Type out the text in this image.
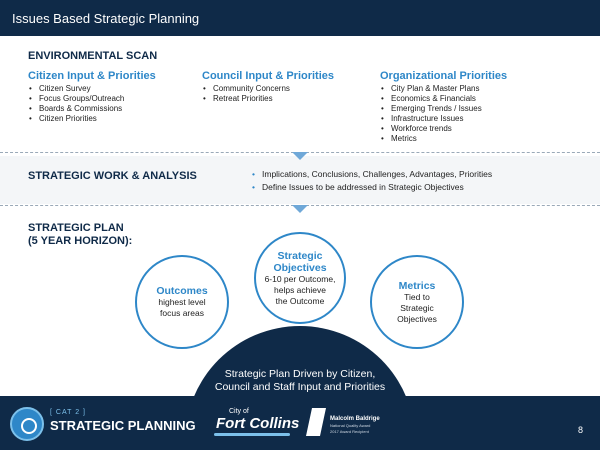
Issues Based Strategic Planning
ENVIRONMENTAL SCAN
Citizen Input & Priorities
• Citizen Survey
• Focus Groups/Outreach
• Boards & Commissions
• Citizen Priorities
Council Input & Priorities
• Community Concerns
• Retreat Priorities
Organizational Priorities
• City Plan & Master Plans
• Economics & Financials
• Emerging Trends / Issues
• Infrastructure Issues
• Workforce trends
• Metrics
STRATEGIC WORK & ANALYSIS
•	Implications, Conclusions, Challenges, Advantages, Priorities
• Define Issues to be addressed in Strategic Objectives
STRATEGIC PLAN
(5 YEAR HORIZON):
Strategic Plan Driven by Citizen,
Council and Staff Input and Priorities
Outcomes
highest level
focus areas
Strategic
Objectives
6-10 per Outcome,
helps achieve
the Outcome
Metrics
Tied to
Strategic
Objectives
[ CAT 2 ]
STRATEGIC PLANNING
City of
Fort Collins	Malcolm Baldrige
National Quality Award
2017 Award Recipient	8
